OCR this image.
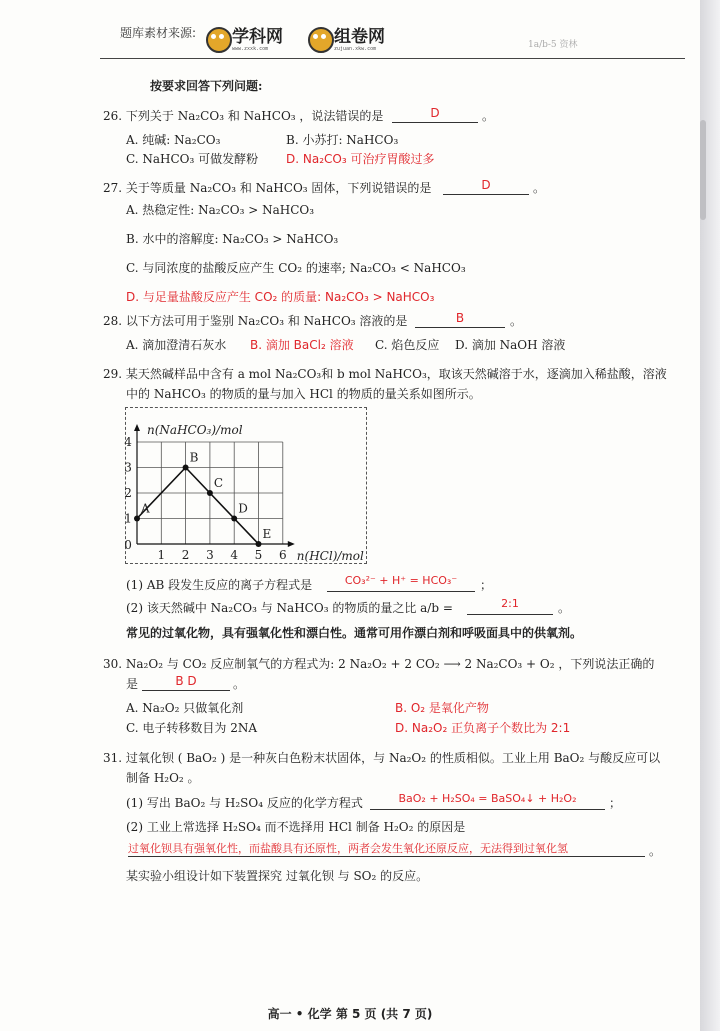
题库素材来源: 学科网
www.zxxk.com
组卷网
zujuan.xkw.com	1a/b-5 资林
按要求回答下列问题:
26. 下列关于 Na₂CO₃ 和 NaHCO₃ ，说法错误的是	D	。
A. 纯碱: Na₂CO₃	B. 小苏打: NaHCO₃
C. NaHCO₃ 可做发酵粉 D. Na₂CO₃ 可治疗胃酸过多
27. 关于等质量 Na₂CO₃ 和 NaHCO₃ 固体，下列说错误的是	D	。
A. 热稳定性: Na₂CO₃ > NaHCO₃
B. 水中的溶解度: Na₂CO₃ > NaHCO₃
C. 与同浓度的盐酸反应产生 CO₂ 的速率; Na₂CO₃ < NaHCO₃
D. 与足量盐酸反应产生 CO₂ 的质量: Na₂CO₃ > NaHCO₃
28. 以下方法可用于鉴别 Na₂CO₃ 和 NaHCO₃ 溶液的是	B	。
A. 滴加澄清石灰水 B. 滴加 BaCl₂ 溶液 C. 焰色反应 D. 滴加 NaOH 溶液
29. 某天然碱样品中含有 a mol Na₂CO₃和 b mol NaHCO₃，取该天然碱溶于水，逐滴加入稀盐酸，溶液
中的 NaHCO₃ 的物质的量与加入 HCl 的物质的量关系如图所示。
1 2 3 4 5 6
1
2
3
4
0
n(NaHCO₃)/mol
n(HCl)/mol
A
B
C
D
E
(1) AB 段发生反应的离子方程式是	CO₃²⁻ + H⁺ = HCO₃⁻	；
(2) 该天然碱中 Na₂CO₃ 与 NaHCO₃ 的物质的量之比 a/b =	2:1	。
常见的过氧化物，具有强氧化性和漂白性。通常可用作漂白剂和呼吸面具中的供氧剂。
30. Na₂O₂ 与 CO₂ 反应制氧气的方程式为: 2 Na₂O₂ + 2 CO₂ ⟶ 2 Na₂CO₃ + O₂ ，下列说法正确的
是	B D	。
A. Na₂O₂ 只做氧化剂	B. O₂ 是氧化产物
C. 电子转移数目为 2NA	D. Na₂O₂ 正负离子个数比为 2:1
31. 过氧化钡 ( BaO₂ ) 是一种灰白色粉末状固体，与 Na₂O₂ 的性质相似。工业上用 BaO₂ 与酸反应可以
制备 H₂O₂ 。
(1) 写出 BaO₂ 与 H₂SO₄ 反应的化学方程式	BaO₂ + H₂SO₄ = BaSO₄↓ + H₂O₂	；
(2) 工业上常选择 H₂SO₄ 而不选择用 HCl 制备 H₂O₂ 的原因是
过氧化钡具有强氧化性，而盐酸具有还原性，两者会发生氧化还原反应，无法得到过氧化氢	。
某实验小组设计如下装置探究 过氧化钡 与 SO₂ 的反应。
高一 • 化学 第 5 页 (共 7 页)
